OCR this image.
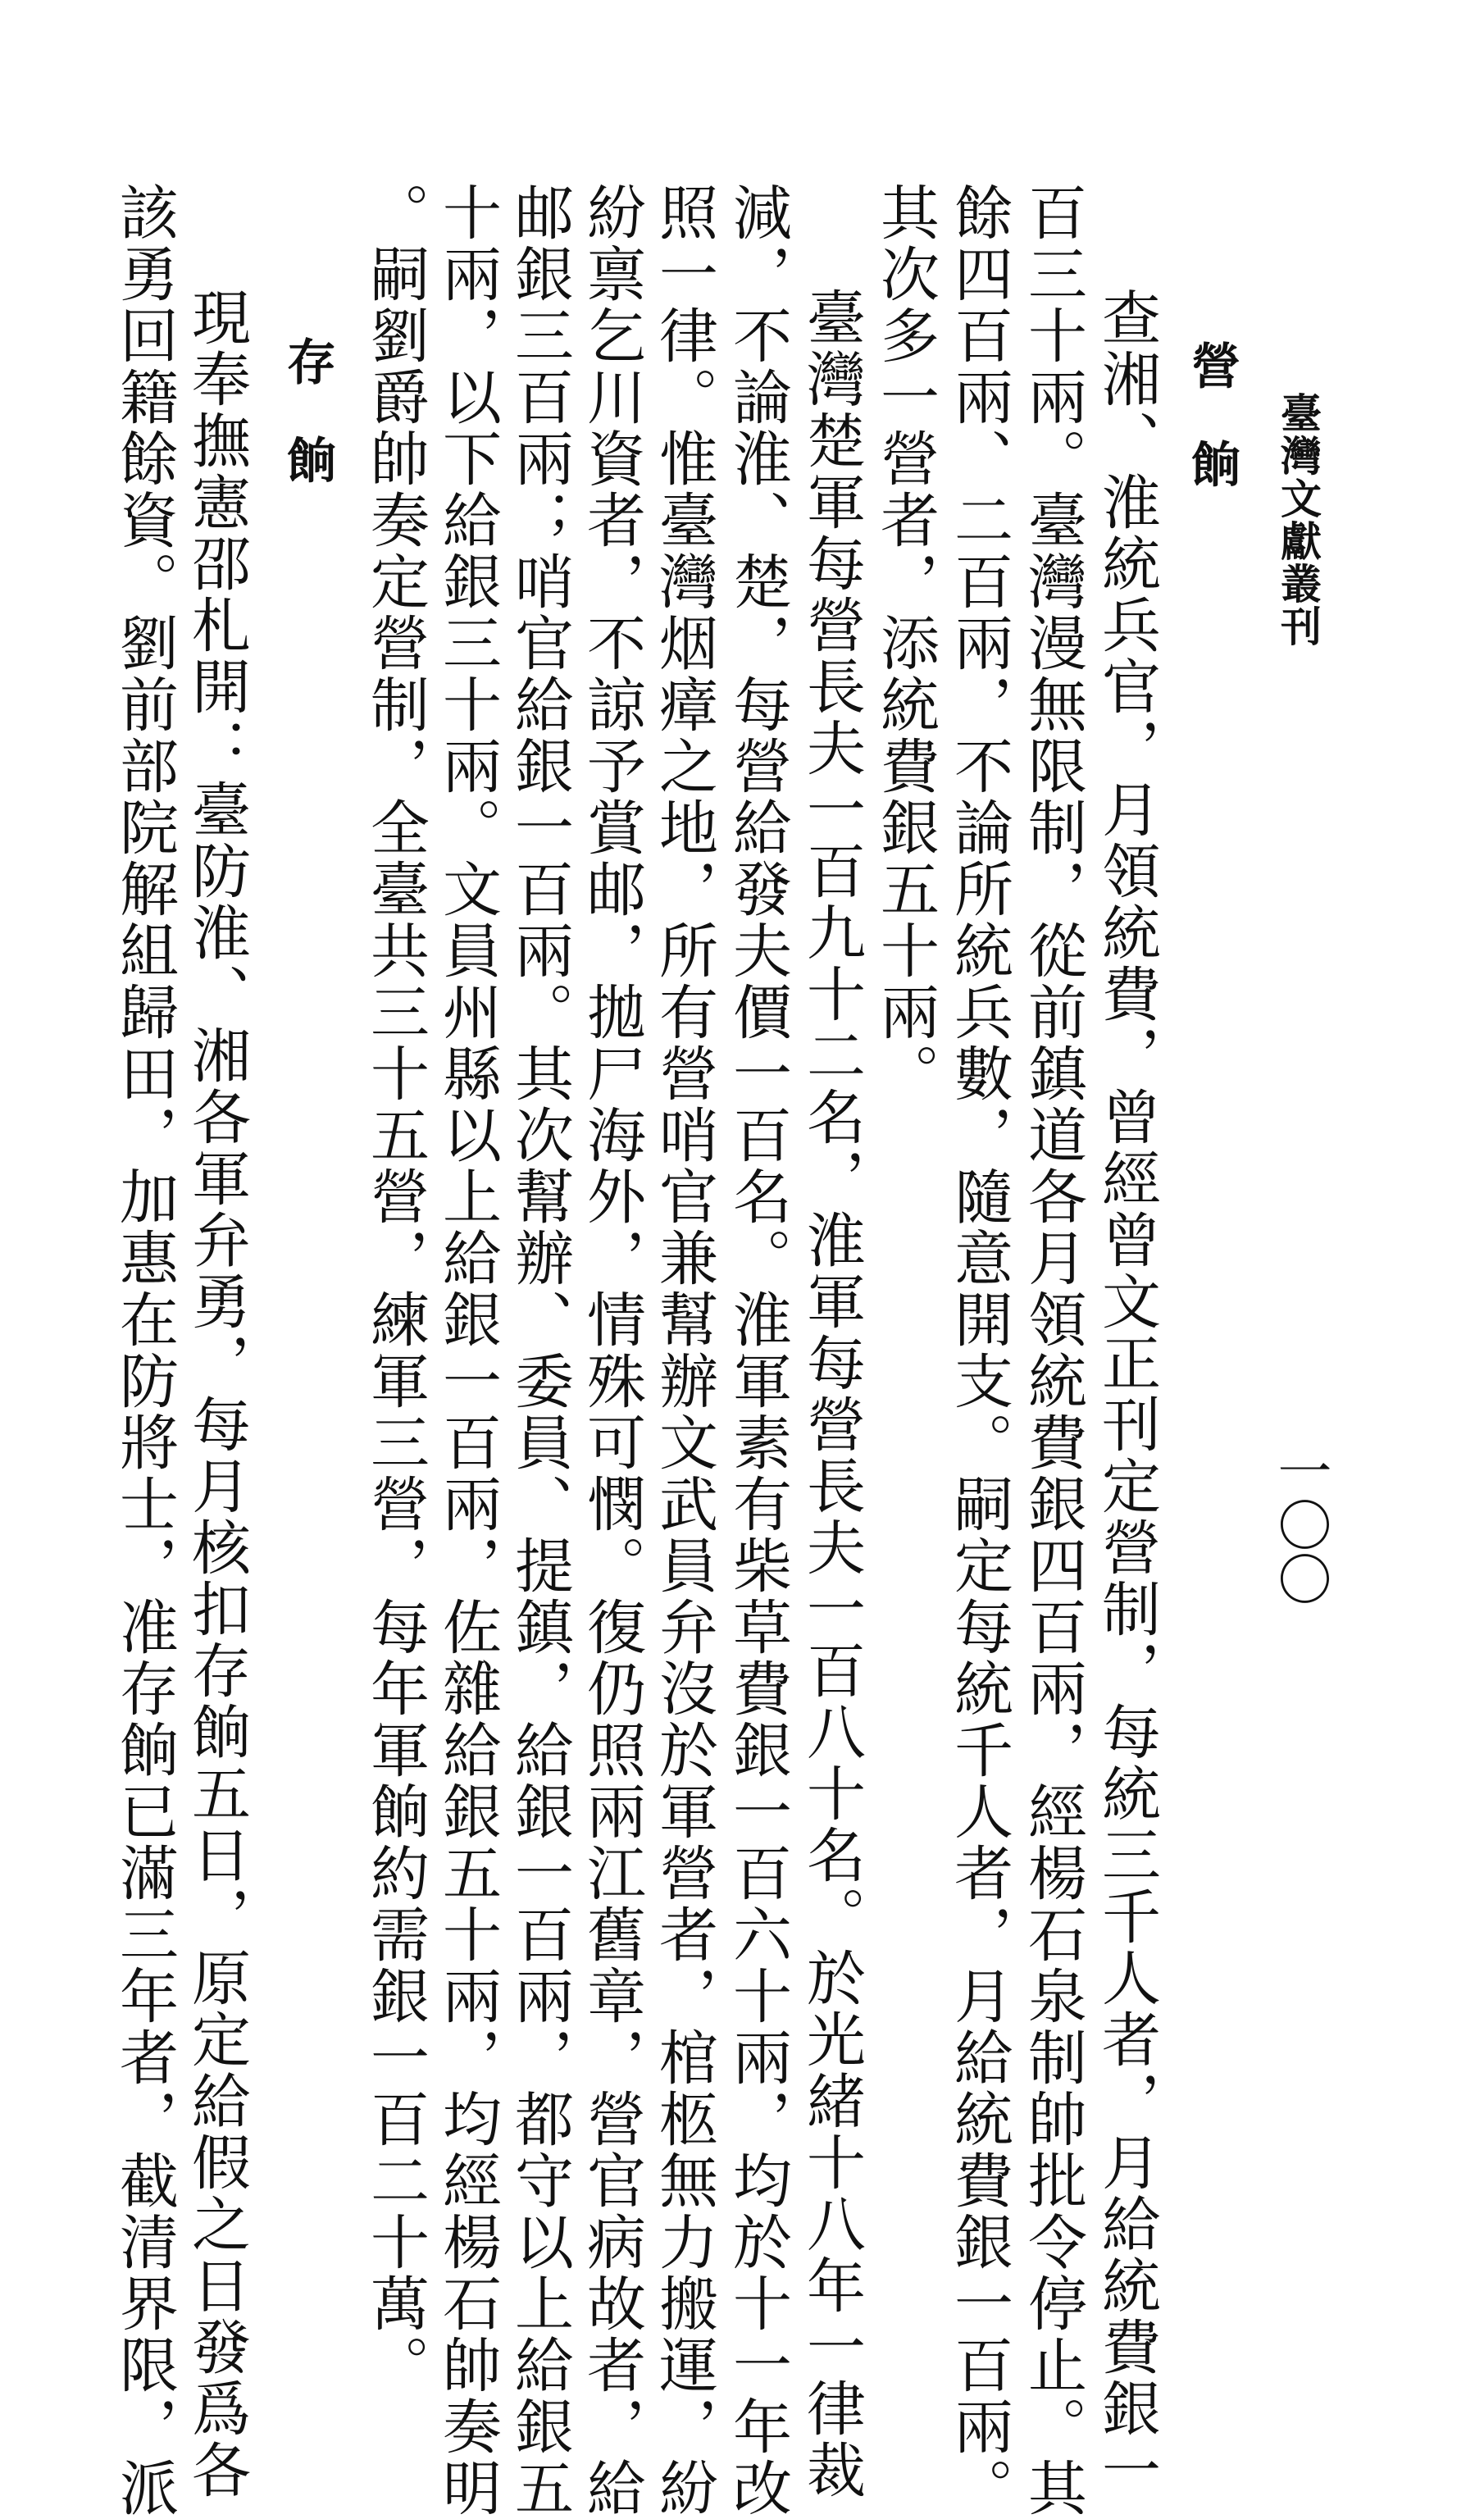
臺灣文獻叢刊
一〇〇
營餉
查湘、淮統兵官，月領統費，曾經曾文正刊定營制，每統三千人者，月給統費銀一
百三十兩。臺灣漫無限制，從前鎮道各月領統費銀四百兩，經楊石泉制帥批令停止。其
餘四百兩、二百兩，不論所統兵數，隨意開支。嗣定每統千人者，月給統費銀一百兩。
其次多一營者，添統費銀五十兩。
臺灣楚軍每營長夫一百九十二名，淮軍每營長夫一百八十名。於光緒十八年一律裁
減，不論淮、楚，每營給發夫價一百名。淮軍素有柴草費銀一百六十兩，均於十一年改
照一律。惟臺灣烟瘴之地，所有營哨官兼幫辦文武員弁沒於軍營者，棺柩無力搬運，紛
紛禀乞川資者，不諒予賞邮，拋尸海外，情殊可憫。復仍照兩江舊章，營官病故者，給
邮銀三百兩；哨官給銀一百兩。其次幫辦、委員、提鎮，給銀一百兩，都守以上給銀五
十兩，以下給銀三十兩。文員州縣以上給銀一百兩，佐雜給銀五十兩，均經楊石帥奏明
。嗣劉爵帥奏定營制，全臺共三十五營，練軍三營，每年軍餉約需銀一百二十萬。
存餉
現奉撫憲邵札開：臺防淮、湘各軍弁勇，每月核扣存餉五日，原定給假之日發爲各
該勇回籍餘資。劉前部院解組歸田，加惠在防將士，准存餉已滿三年者，截清界限，派
